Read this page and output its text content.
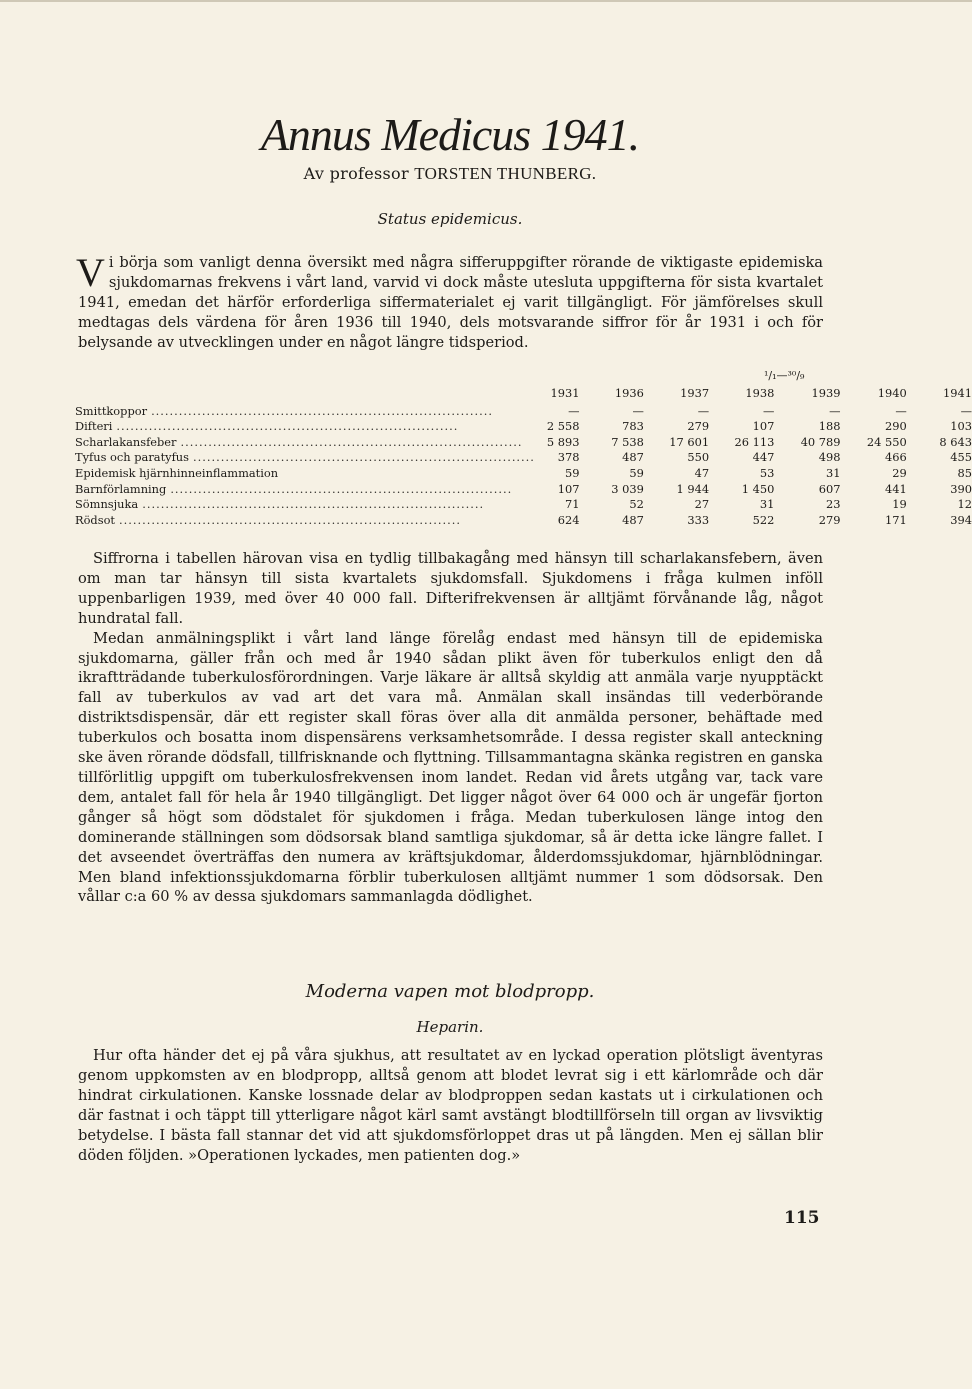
Annus Medicus 1941.
Av professor TORSTEN THUNBERG.
Status epidemicus.

Vi börja som vanligt denna översikt med några sifferuppgifter rörande de viktigaste epidemiska sjukdomarnas frekvens i vårt land, varvid vi dock måste utesluta uppgifterna för sista kvartalet 1941, emedan det härför erforderliga siffermaterialet ej varit tillgängligt. För jämförelses skull medtagas dels värdena för åren 1936 till 1940, dels motsvarande siffror för år 1931 i och för belysande av utvecklingen under en något längre tidsperiod.

¹/₁—³⁰/₉
	1931	1936	1937	1938	1939	1940	1941

Smittkoppor
.....	—	—	—	—	—	—	—

Difteri
.....	2 558	783	279	107	188	290	103

Scharlakansfeber
.....	5 893	7 538	17 601	26 113	40 789	24 550	8 643

Tyfus och paratyfus
.....	378	487	550	447	498	466	455

Epidemisk hjärnhinneinflammation	59	59	47	53	31	29	85

Barnförlamning
.....	107	3 039	1 944	1 450	607	441	390

Sömnsjuka
.....	71	52	27	31	23	19	12

Rödsot
.....	624	487	333	522	279	171	394

Siffrorna i tabellen härovan visa en tydlig tillbakagång med hänsyn till scharlakansfebern, även om man tar hänsyn till sista kvartalets sjukdomsfall. Sjukdomens i fråga kulmen inföll uppenbarligen 1939, med över 40 000 fall. Difterifrekvensen är alltjämt förvånande låg, något hundratal fall.
Medan anmälningsplikt i vårt land länge förelåg endast med hänsyn till de epidemiska sjukdomarna, gäller från och med år 1940 sådan plikt även för tuberkulos enligt den då ikraftträdande tuberkulosförordningen. Varje läkare är alltså skyldig att anmäla varje nyupptäckt fall av tuberkulos av vad art det vara må. Anmälan skall insändas till vederbörande distriktsdispensär, där ett register skall föras över alla dit anmälda personer, behäftade med tuberkulos och bosatta inom dispensärens verksamhetsområde. I dessa register skall anteckning ske även rörande dödsfall, tillfrisknande och flyttning. Tillsammantagna skänka registren en ganska tillförlitlig uppgift om tuberkulosfrekvensen inom landet. Redan vid årets utgång var, tack vare dem, antalet fall för hela år 1940 tillgängligt. Det ligger något över 64 000 och är ungefär fjorton gånger så högt som dödstalet för sjukdomen i fråga. Medan tuberkulosen länge intog den dominerande ställningen som dödsorsak bland samtliga sjukdomar, så är detta icke längre fallet. I det avseendet överträffas den numera av kräftsjukdomar, ålderdomssjukdomar, hjärnblödningar. Men bland infektionssjukdomarna förblir tuberkulosen alltjämt nummer 1 som dödsorsak. Den vållar c:a 60 % av dessa sjukdomars sammanlagda dödlighet.

Moderna vapen mot blodpropp.
Heparin.

Hur ofta händer det ej på våra sjukhus, att resultatet av en lyckad operation plötsligt äventyras genom uppkomsten av en blodpropp, alltså genom att blodet levrat sig i ett kärlområde och där hindrat cirkulationen. Kanske lossnade delar av blodproppen sedan kastats ut i cirkulationen och där fastnat i och täppt till ytterligare något kärl samt avstängt blodtillförseln till organ av livsviktig betydelse. I bästa fall stannar det vid att sjukdomsförloppet dras ut på längden. Men ej sällan blir döden följden. »Operationen lyckades, men patienten dog.»

115
